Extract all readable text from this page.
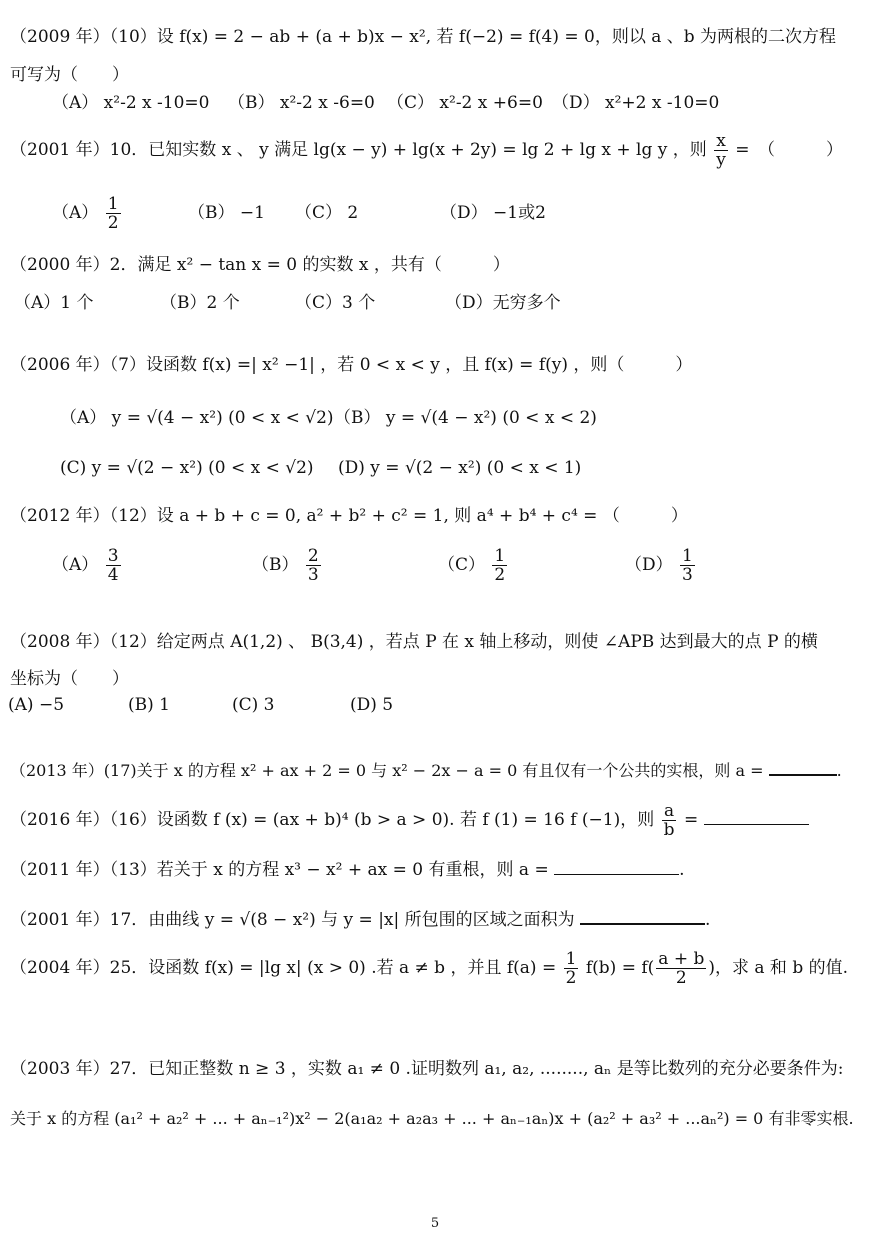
（2009 年）（10）设 f(x) = 2 − ab + (a + b)x − x², 若 f(−2) = f(4) = 0，则以 a 、b 为两根的二次方程
可写为（　　）
（A） x²-2 x -10=0 （B） x²-2 x -6=0 （C） x²-2 x +6=0 （D） x²+2 x -10=0
（2001 年）10．已知实数 x 、 y 满足 lg(x − y) + lg(x + 2y) = lg 2 + lg x + lg y ，则 $\frac{x}{y}$ =　（　　　）
$(A) \frac{1}{2}$	（B） −1 （C） 2	（D） −1或2
（2000 年）2．满足 x² − tan x = 0 的实数 x ，共有（　　　）
（A）1 个	（B）2 个	（C）3 个	（D）无穷多个
（2006 年）（7）设函数 f(x) =| x² −1| ，若 0 < x < y ，且 f(x) = f(y) ，则（　　　）
（A） y = √(4 − x²) (0 < x < √2) （B） y = √(4 − x²) (0 < x < 2)
(C) y = √(2 − x²) (0 < x < √2) (D) y = √(2 − x²) (0 < x < 1)
（2012 年）（12）设 a + b + c = 0, a² + b² + c² = 1, 则 a⁴ + b⁴ + c⁴ = （　　　）
$(A) \frac{3}{4}$	$(B) \frac{2}{3}$	$(C) \frac{1}{2}$	$(D) \frac{1}{3}$
（2008 年）（12）给定两点 A(1,2) 、 B(3,4) ，若点 P 在 x 轴上移动，则使 ∠APB 达到最大的点 P 的横
坐标为（　　）
(A) −5	(B) 1	(C) 3	(D) 5
（2013 年）(17)关于 x 的方程 x² + ax + 2 = 0 与 x² − 2x − a = 0 有且仅有一个公共的实根，则 a =	.
（2016 年）（16）设函数 f (x) = (ax + b)⁴ (b > a > 0). 若 f (1) = 16 f (−1)，则 $\frac{a}{b}$ =
（2011 年）（13）若关于 x 的方程 x³ − x² + ax = 0 有重根，则 a =	.
（2001 年）17．由曲线 y = √(8 − x²) 与 y = |x| 所包围的区域之面积为	.
（2004 年）25．设函数 f(x) = |lg x| (x > 0) .若 a ≠ b ，并且 $f(a) = \frac{1}{2} f(b) = f( \frac{a + b}{2}$ )，求 a 和 b 的值.
（2003 年）27．已知正整数 n ≥ 3 ，实数 a₁ ≠ 0 .证明数列 a₁, a₂, ........, aₙ 是等比数列的充分必要条件为:
关于 x 的方程 (a₁² + a₂² + ... + aₙ₋₁²)x² − 2(a₁a₂ + a₂a₃ + ... + aₙ₋₁aₙ)x + (a₂² + a₃² + ...aₙ²) = 0 有非零实根.
5
